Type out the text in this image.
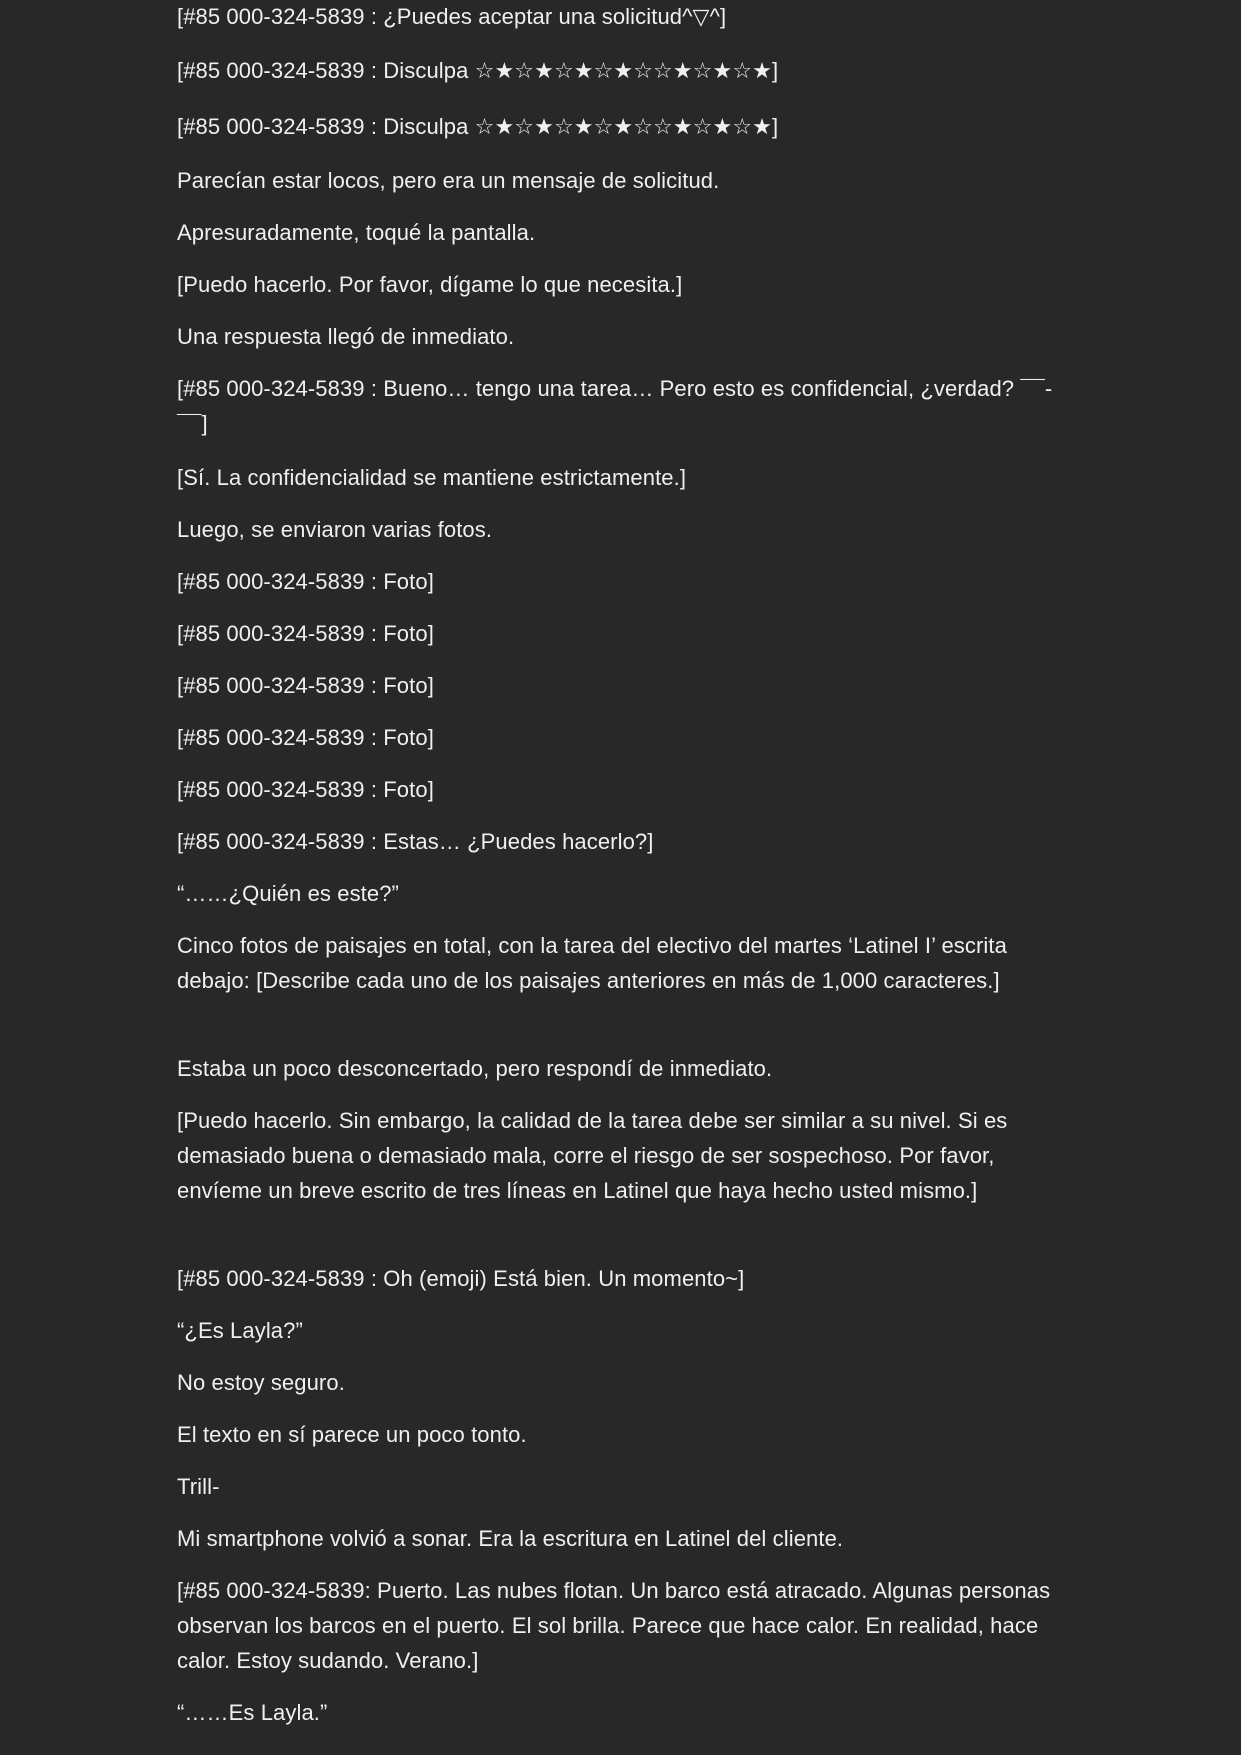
[#85 000-324-5839 : ¿Puedes aceptar una solicitud^▽^]

[#85 000-324-5839 : Disculpa ☆★☆★☆★☆★☆☆★☆★☆★]

[#85 000-324-5839 : Disculpa ☆★☆★☆★☆★☆☆★☆★☆★]

Parecían estar locos, pero era un mensaje de solicitud.

Apresuradamente, toqué la pantalla.

[Puedo hacerlo. Por favor, dígame lo que necesita.]

Una respuesta llegó de inmediato.

[#85 000-324-5839 : Bueno… tengo una tarea… Pero esto es confidencial, ¿verdad? ¯¯-¯¯]

[Sí. La confidencialidad se mantiene estrictamente.]

Luego, se enviaron varias fotos.

[#85 000-324-5839 : Foto]

[#85 000-324-5839 : Foto]

[#85 000-324-5839 : Foto]

[#85 000-324-5839 : Foto]

[#85 000-324-5839 : Foto]

[#85 000-324-5839 : Estas… ¿Puedes hacerlo?]

“……¿Quién es este?”

Cinco fotos de paisajes en total, con la tarea del electivo del martes ‘Latinel I’ escrita debajo: [Describe cada uno de los paisajes anteriores en más de 1,000 caracteres.]

Estaba un poco desconcertado, pero respondí de inmediato.

[Puedo hacerlo. Sin embargo, la calidad de la tarea debe ser similar a su nivel. Si es demasiado buena o demasiado mala, corre el riesgo de ser sospechoso. Por favor, envíeme un breve escrito de tres líneas en Latinel que haya hecho usted mismo.]

[#85 000-324-5839 : Oh (emoji) Está bien. Un momento~]

“¿Es Layla?”

No estoy seguro.

El texto en sí parece un poco tonto.

Trill-

Mi smartphone volvió a sonar. Era la escritura en Latinel del cliente.

[#85 000-324-5839: Puerto. Las nubes flotan. Un barco está atracado. Algunas personas observan los barcos en el puerto. El sol brilla. Parece que hace calor. En realidad, hace calor. Estoy sudando. Verano.]

“……Es Layla.”
